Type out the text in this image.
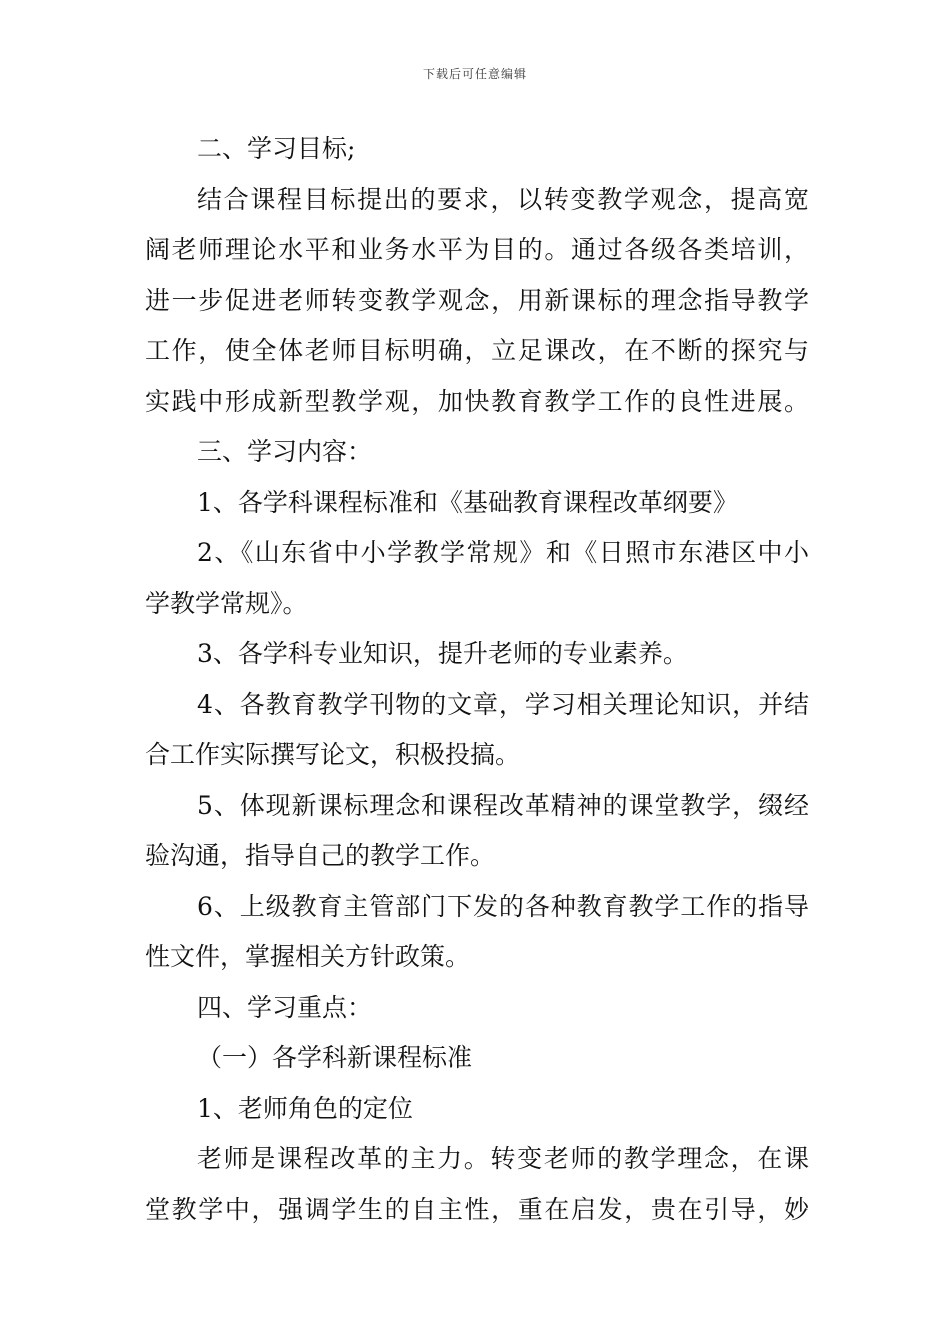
下载后可任意编辑
二、学习目标;
结合课程目标提出的要求，以转变教学观念，提高宽
阔老师理论水平和业务水平为目的。通过各级各类培训，
进一步促进老师转变教学观念，用新课标的理念指导教学
工作，使全体老师目标明确，立足课改，在不断的探究与
实践中形成新型教学观，加快教育教学工作的良性进展。
三、学习内容：
1、各学科课程标准和《基础教育课程改革纲要》
2、《山东省中小学教学常规》和《日照市东港区中小
学教学常规》。
3、各学科专业知识，提升老师的专业素养。
4、各教育教学刊物的文章，学习相关理论知识，并结
合工作实际撰写论文，积极投搞。
5、体现新课标理念和课程改革精神的课堂教学，缀经
验沟通，指导自己的教学工作。
6、上级教育主管部门下发的各种教育教学工作的指导
性文件，掌握相关方针政策。
四、学习重点：
（一）各学科新课程标准
1、老师角色的定位
老师是课程改革的主力。转变老师的教学理念，在课
堂教学中，强调学生的自主性，重在启发，贵在引导，妙
